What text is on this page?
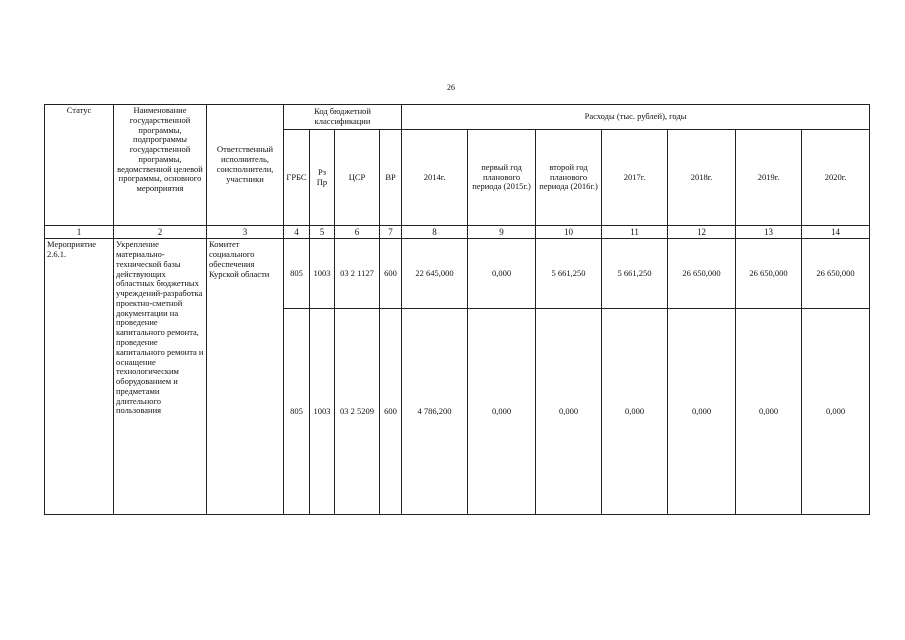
26
Статус	Наименование государственной программы, подпрограммы государственной программы, ведомственной целевой программы, основного мероприятия	Ответственный исполнитель, соисполнители, участники	Код бюджетной классификации				Расходы (тыс. рублей), годы						
			ГРБС	Рз Пр	ЦСР	ВР	2014г.	первый год планового периода (2015г.)	второй год планового периода (2016г.)	2017г.	2018г.	2019г.	2020г.
1	2	3	4	5	6	7	8	9	10	11	12	13	14
Мероприятие 2.6.1.	Укрепление материально-технической базы действующих областных бюджетных учреждений-разработка проектно-сметной документации на проведение капитального ремонта, проведение капитального ремонта и оснащение технологическим оборудованием и предметами длительного пользования	Комитет социального обеспечения Курской области	805	1003	03 2 1127	600	22 645,000	0,000	5 661,250	5 661,250	26 650,000	26 650,000	26 650,000
			805	1003	03 2 5209	600	4 786,200	0,000	0,000	0,000	0,000	0,000	0,000
